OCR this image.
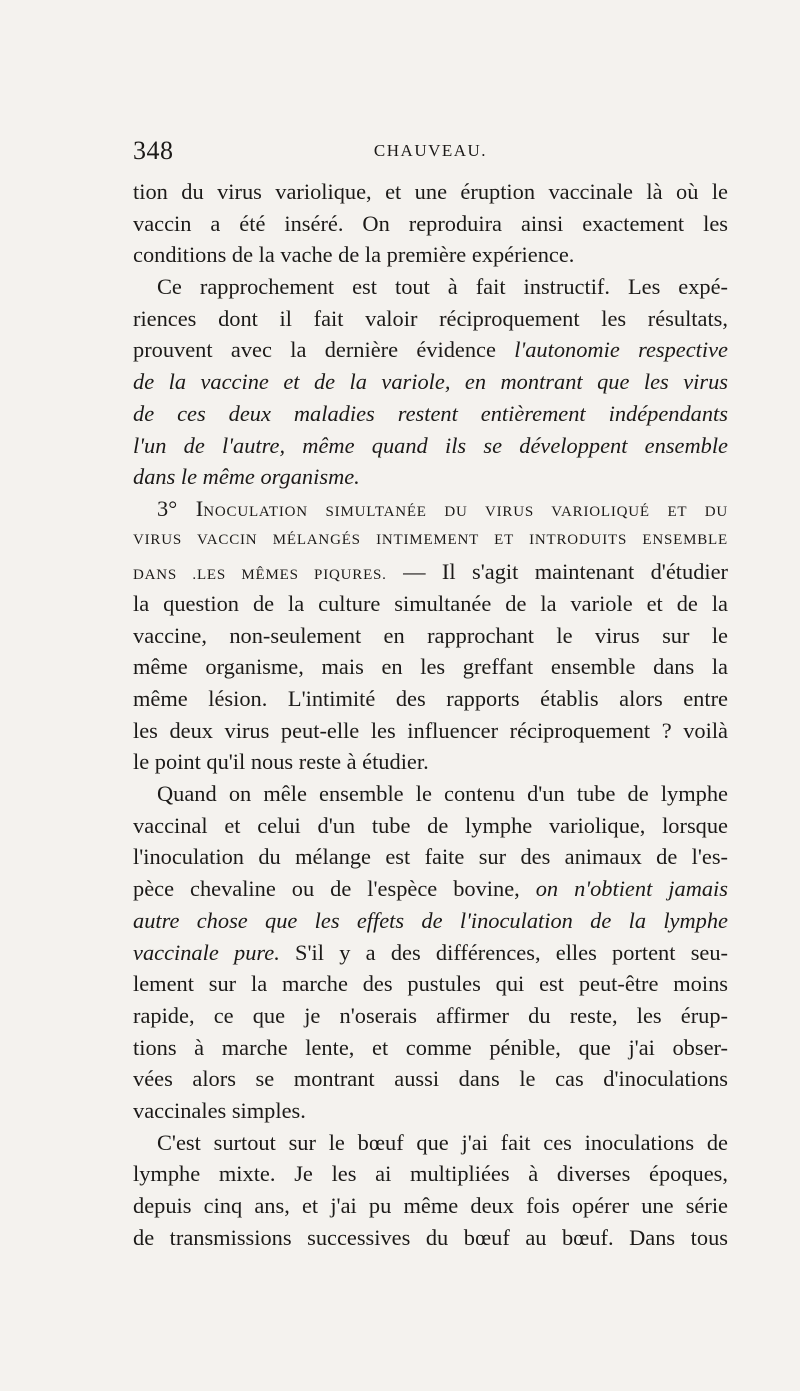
348	CHAUVEAU.
tion du virus variolique, et une éruption vaccinale là où le
vaccin a été inséré. On reproduira ainsi exactement les
conditions de la vache de la première expérience.
Ce rapprochement est tout à fait instructif. Les expé-
riences dont il fait valoir réciproquement les résultats,
prouvent avec la dernière évidence l'autonomie respective
de la vaccine et de la variole, en montrant que les virus
de ces deux maladies restent entièrement indépendants
l'un de l'autre, même quand ils se développent ensemble
dans le même organisme.
3° INOCULATION SIMULTANÉE DU VIRUS VARIOLIQUÉ ET DU
VIRUS VACCIN MÉLANGÉS INTIMEMENT ET INTRODUITS ENSEMBLE
DANS .LES MÊMES PIQURES. — Il s'agit maintenant d'étudier
la question de la culture simultanée de la variole et de la
vaccine, non-seulement en rapprochant le virus sur le
même organisme, mais en les greffant ensemble dans la
même lésion. L'intimité des rapports établis alors entre
les deux virus peut-elle les influencer réciproquement ? voilà
le point qu'il nous reste à étudier.
Quand on mêle ensemble le contenu d'un tube de lymphe
vaccinal et celui d'un tube de lymphe variolique, lorsque
l'inoculation du mélange est faite sur des animaux de l'es-
pèce chevaline ou de l'espèce bovine, on n'obtient jamais
autre chose que les effets de l'inoculation de la lymphe
vaccinale pure. S'il y a des différences, elles portent seu-
lement sur la marche des pustules qui est peut-être moins
rapide, ce que je n'oserais affirmer du reste, les érup-
tions à marche lente, et comme pénible, que j'ai obser-
vées alors se montrant aussi dans le cas d'inoculations
vaccinales simples.
C'est surtout sur le bœuf que j'ai fait ces inoculations de
lymphe mixte. Je les ai multipliées à diverses époques,
depuis cinq ans, et j'ai pu même deux fois opérer une série
de transmissions successives du bœuf au bœuf. Dans tous
